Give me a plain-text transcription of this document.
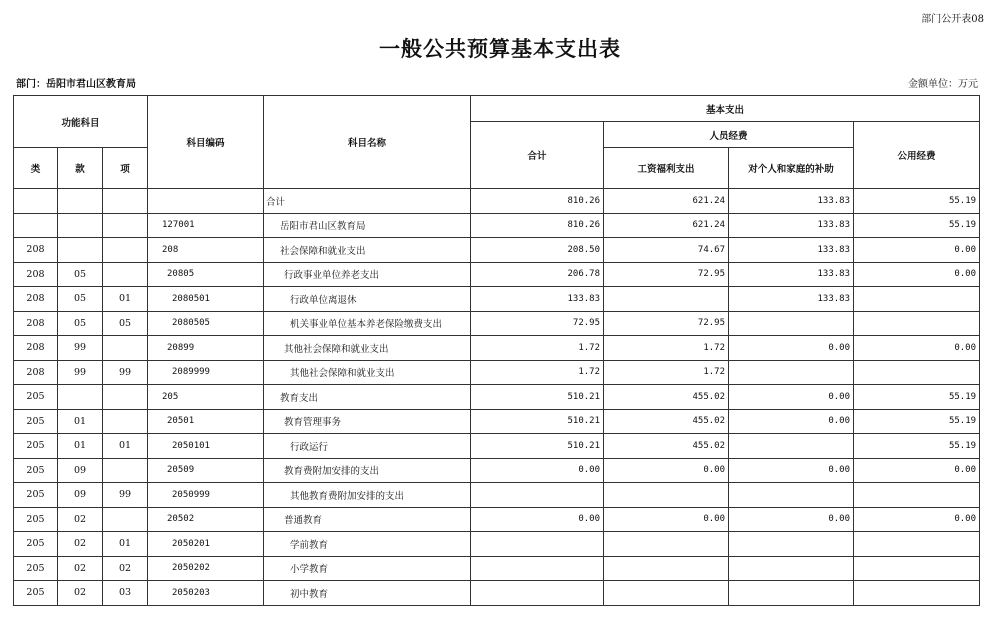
部门公开表08
一般公共预算基本支出表
部门：岳阳市君山区教育局	金额单位：万元
功能科目			科目编码	科目名称	基本支出			
					合计	人员经费		公用经费
类	款	项				工资福利支出	对个人和家庭的补助	
				合计	810.26	621.24	133.83	55.19
			127001	岳阳市君山区教育局	810.26	621.24	133.83	55.19
208			208	社会保障和就业支出	208.50	74.67	133.83	0.00
208	05		20805	行政事业单位养老支出	206.78	72.95	133.83	0.00
208	05	01	2080501	行政单位离退休	133.83		133.83	
208	05	05	2080505	机关事业单位基本养老保险缴费支出	72.95	72.95		
208	99		20899	其他社会保障和就业支出	1.72	1.72	0.00	0.00
208	99	99	2089999	其他社会保障和就业支出	1.72	1.72		
205			205	教育支出	510.21	455.02	0.00	55.19
205	01		20501	教育管理事务	510.21	455.02	0.00	55.19
205	01	01	2050101	行政运行	510.21	455.02		55.19
205	09		20509	教育费附加安排的支出	0.00	0.00	0.00	0.00
205	09	99	2050999	其他教育费附加安排的支出				
205	02		20502	普通教育	0.00	0.00	0.00	0.00
205	02	01	2050201	学前教育				
205	02	02	2050202	小学教育				
205	02	03	2050203	初中教育				
